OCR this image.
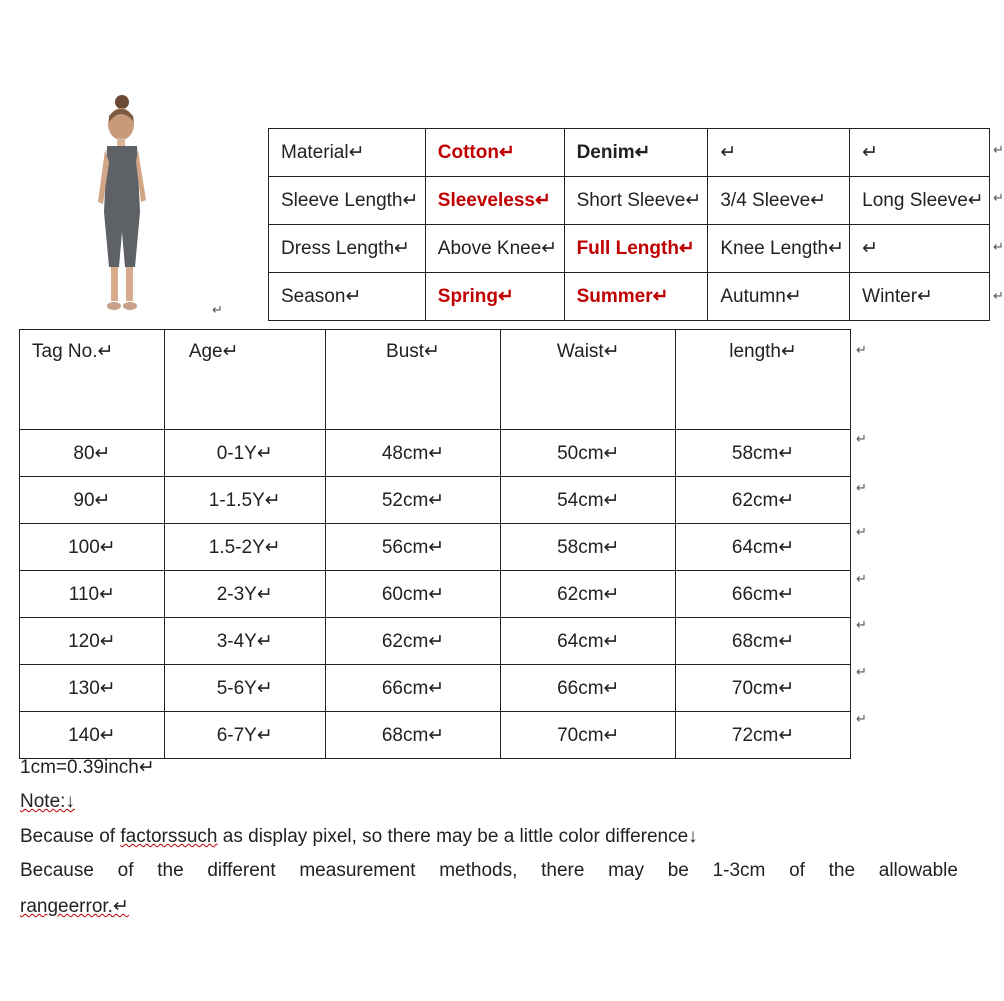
↵
Material↵	Cotton↵	Denim↵	↵	↵
Sleeve Length↵	Sleeveless↵	Short Sleeve↵	3/4 Sleeve↵	Long Sleeve↵
Dress Length↵	Above Knee↵	Full Length↵	Knee Length↵	↵
Season↵	Spring↵	Summer↵	Autumn↵	Winter↵
↵
↵
↵
↵
Tag No.↵	Age↵	Bust↵	Waist↵	length↵
80↵	0-1Y↵	48cm↵	50cm↵	58cm↵
90↵	1-1.5Y↵	52cm↵	54cm↵	62cm↵
100↵	1.5-2Y↵	56cm↵	58cm↵	64cm↵
110↵	2-3Y↵	60cm↵	62cm↵	66cm↵
120↵	3-4Y↵	62cm↵	64cm↵	68cm↵
130↵	5-6Y↵	66cm↵	66cm↵	70cm↵
140↵	6-7Y↵	68cm↵	70cm↵	72cm↵
↵
↵
↵
↵
↵
↵
↵
↵
1cm=0.39inch↵
Note:↓
Because of factorssuch as display pixel, so there may be a little color difference↓
Because of the different measurement methods, there may be 1-3cm of the allowable
rangeerror.↵
